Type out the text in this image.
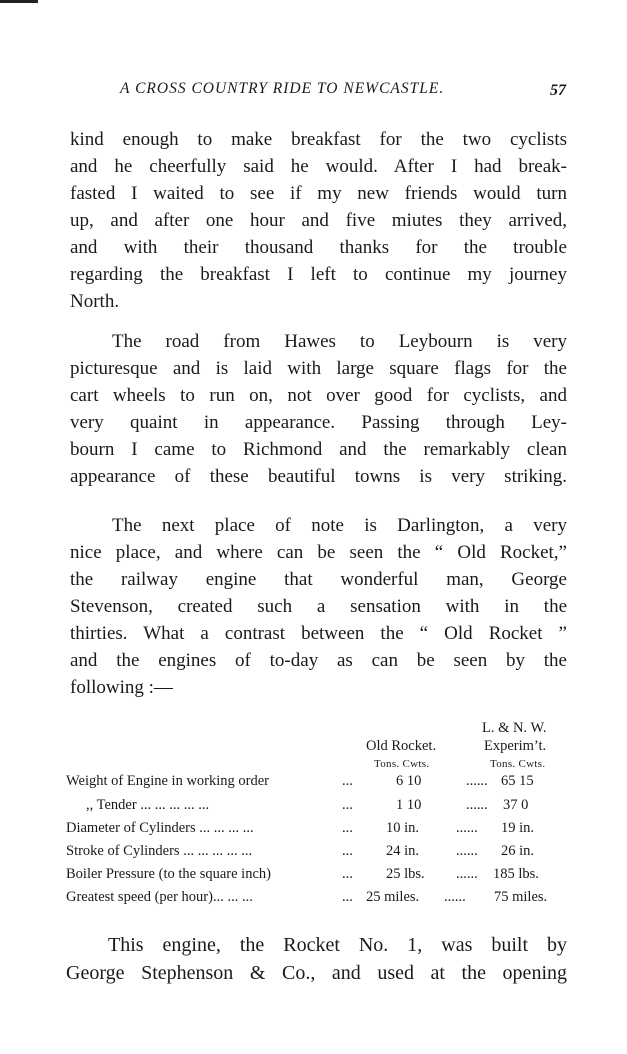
A CROSS COUNTRY RIDE TO NEWCASTLE.	57
kind enough to make breakfast for the two cyclists
and he cheerfully said he would. After I had break-
fasted I waited to see if my new friends would turn
up, and after one hour and five miutes they arrived,
and with their thousand thanks for the trouble
regarding the breakfast I left to continue my journey
North.
The road from Hawes to Leybourn is very
picturesque and is laid with large square flags for the
cart wheels to run on, not over good for cyclists, and
very quaint in appearance. Passing through Ley-
bourn I came to Richmond and the remarkably clean
appearance of these beautiful towns is very striking.
The next place of note is Darlington, a very
nice place, and where can be seen the “ Old Rocket,”
the railway engine that wonderful man, George
Stevenson, created such a sensation with in the
thirties. What a contrast between the “ Old Rocket ”
and the engines of to-day as can be seen by the
following :—
L. & N. W.
Old Rocket.	Experim’t.
Tons. Cwts.	Tons. Cwts.
Weight of Engine in working order	...	6 10	...... 65 15
,, Tender ... ... ... ... ...	...	1 10	...... 37 0
Diameter of Cylinders ... ... ... ...	... 10 in.	...... 19 in.
Stroke of Cylinders ... ... ... ... ...	... 24 in.	...... 26 in.
Boiler Pressure (to the square inch)	... 25 lbs.	...... 185 lbs.
Greatest speed (per hour)... ... ...	... 25 miles.	...... 75 miles.
This engine, the Rocket No. 1, was built by
George Stephenson & Co., and used at the opening
